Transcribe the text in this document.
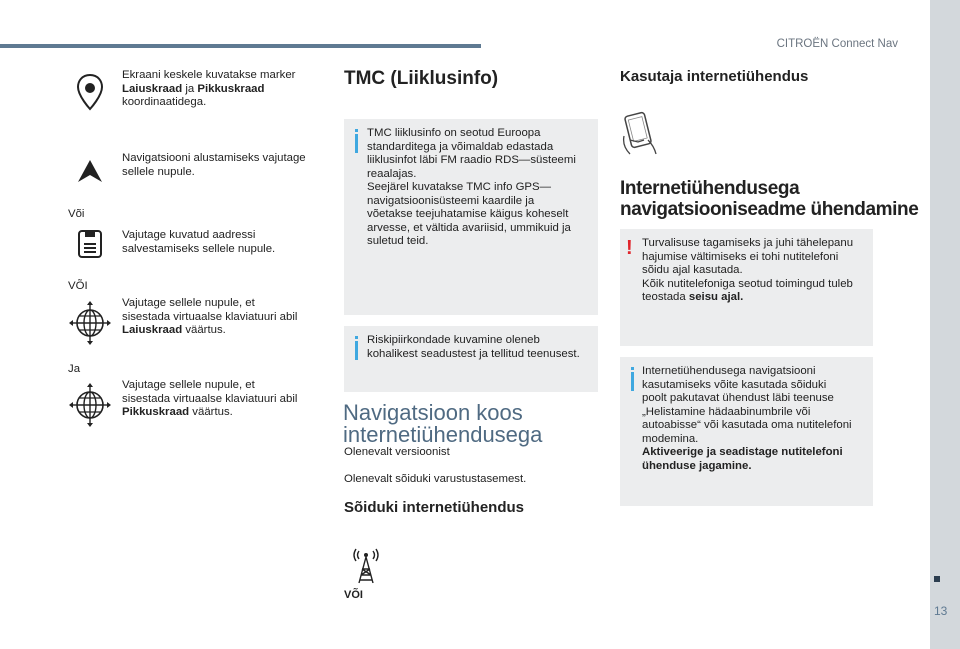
CITROËN Connect Nav
13
Ekraani keskele kuvatakse marker
Laiuskraad ja Pikkuskraad
koordinaatidega.
Navigatsiooni alustamiseks vajutage
sellele nupule.
Või
Vajutage kuvatud aadressi
salvestamiseks sellele nupule.
VÕI
Vajutage sellele nupule, et
sisestada virtuaalse klaviatuuri abil
Laiuskraad väärtus.
Ja
Vajutage sellele nupule, et
sisestada virtuaalse klaviatuuri abil
Pikkuskraad väärtus.
TMC (Liiklusinfo)
TMC liiklusinfo on seotud Euroopa
standarditega ja võimaldab edastada
liiklusinfot läbi FM raadio RDS—süsteemi
reaalajas.
Seejärel kuvatakse TMC info GPS—
navigatsioonisüsteemi kaardile ja
võetakse teejuhatamise käigus koheselt
arvesse, et vältida avariisid, ummikuid ja
suletud teid.
Riskipiirkondade kuvamine oleneb
kohalikest seadustest ja tellitud teenusest.
Navigatsioon koos
internetiühendusega
Olenevalt versioonist
Olenevalt sõiduki varustustasemest.
Sõiduki internetiühendus
VÕI
Kasutaja internetiühendus
Internetiühendusega
navigatsiooniseadme ühendamine
! Turvalisuse tagamiseks ja juhi tähelepanu
hajumise vältimiseks ei tohi nutitelefoni
sõidu ajal kasutada.
Kõik nutitelefoniga seotud toimingud tuleb
teostada seisu ajal.
Internetiühendusega navigatsiooni
kasutamiseks võite kasutada sõiduki
poolt pakutavat ühendust läbi teenuse
„Helistamine hädaabinumbrile või
autoabisse“ või kasutada oma nutitelefoni
modemina.
Aktiveerige ja seadistage nutitelefoni
ühenduse jagamine.
